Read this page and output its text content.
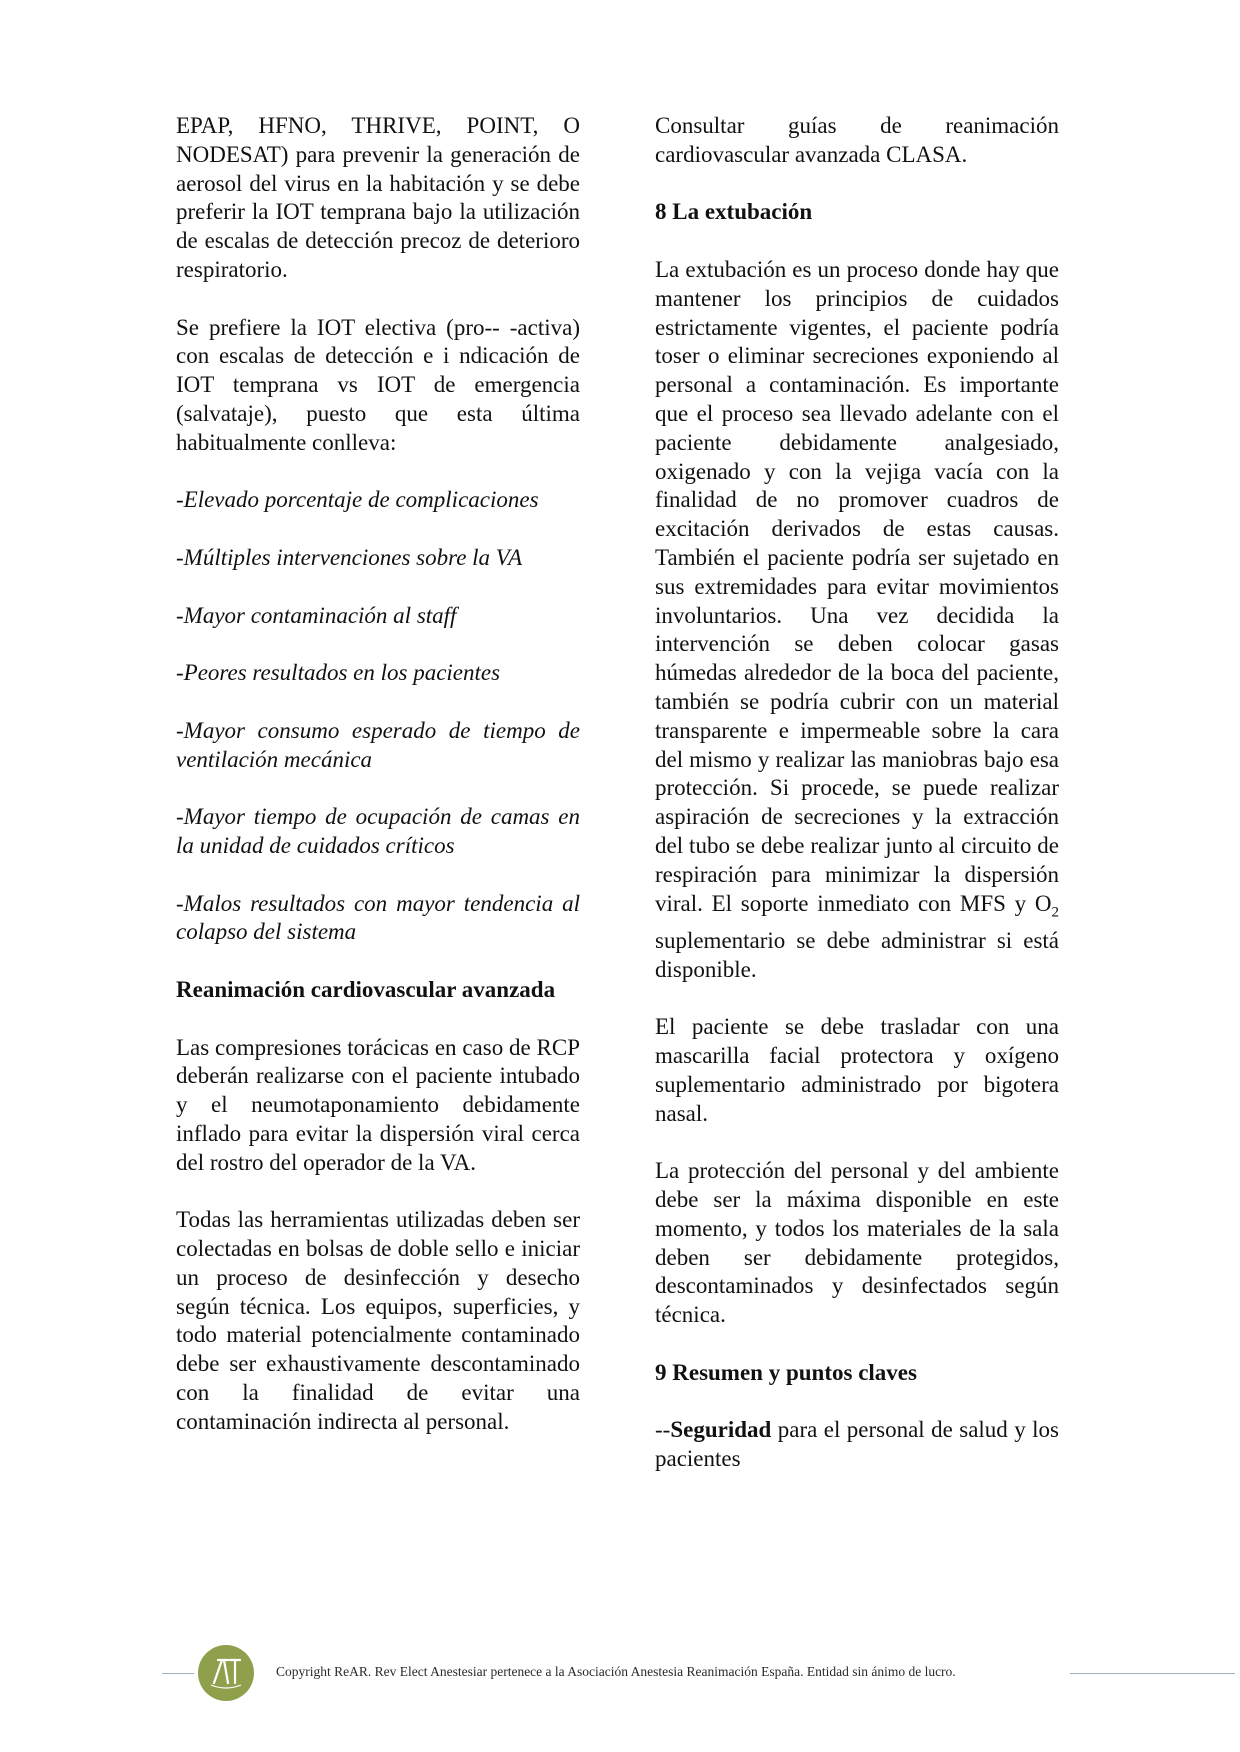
EPAP, HFNO, THRIVE, POINT, O NODESAT) para prevenir la generación de aerosol del virus en la habitación y se debe preferir la IOT temprana bajo la utilización de escalas de detección precoz de deterioro respiratorio.

Se prefiere la IOT electiva (pro-- -activa) con escalas de detección e i ndicación de IOT temprana vs IOT de emergencia (salvataje), puesto que esta última habitualmente conlleva:

-Elevado porcentaje de complicaciones

-Múltiples intervenciones sobre la VA

-Mayor contaminación al staff

-Peores resultados en los pacientes

-Mayor consumo esperado de tiempo de ventilación mecánica

-Mayor tiempo de ocupación de camas en la unidad de cuidados críticos

-Malos resultados con mayor tendencia al colapso del sistema

Reanimación cardiovascular avanzada

Las compresiones torácicas en caso de RCP deberán realizarse con el paciente intubado y el neumotaponamiento debidamente inflado para evitar la dispersión viral cerca del rostro del operador de la VA.

Todas las herramientas utilizadas deben ser colectadas en bolsas de doble sello e iniciar un proceso de desinfección y desecho según técnica. Los equipos, superficies, y todo material potencialmente contaminado debe ser exhaustivamente descontaminado con la finalidad de evitar una contaminación indirecta al personal.

Consultar guías de reanimación cardiovascular avanzada CLASA.

8 La extubación

La extubación es un proceso donde hay que mantener los principios de cuidados estrictamente vigentes, el paciente podría toser o eliminar secreciones exponiendo al personal a contaminación. Es importante que el proceso sea llevado adelante con el paciente debidamente analgesiado, oxigenado y con la vejiga vacía con la finalidad de no promover cuadros de excitación derivados de estas causas. También el paciente podría ser sujetado en sus extremidades para evitar movimientos involuntarios. Una vez decidida la intervención se deben colocar gasas húmedas alrededor de la boca del paciente, también se podría cubrir con un material transparente e impermeable sobre la cara del mismo y realizar las maniobras bajo esa protección. Si procede, se puede realizar aspiración de secreciones y la extracción del tubo se debe realizar junto al circuito de respiración para minimizar la dispersión viral. El soporte inmediato con MFS y $O_2$ suplementario se debe administrar si está disponible.

El paciente se debe trasladar con una mascarilla facial protectora y oxígeno suplementario administrado por bigotera nasal.

La protección del personal y del ambiente debe ser la máxima disponible en este momento, y todos los materiales de la sala deben ser debidamente protegidos, descontaminados y desinfectados según técnica.

9 Resumen y puntos claves

--Seguridad para el personal de salud y los pacientes

Copyright ReAR. Rev Elect Anestesiar pertenece a la Asociación Anestesia Reanimación España. Entidad sin ánimo de lucro.
